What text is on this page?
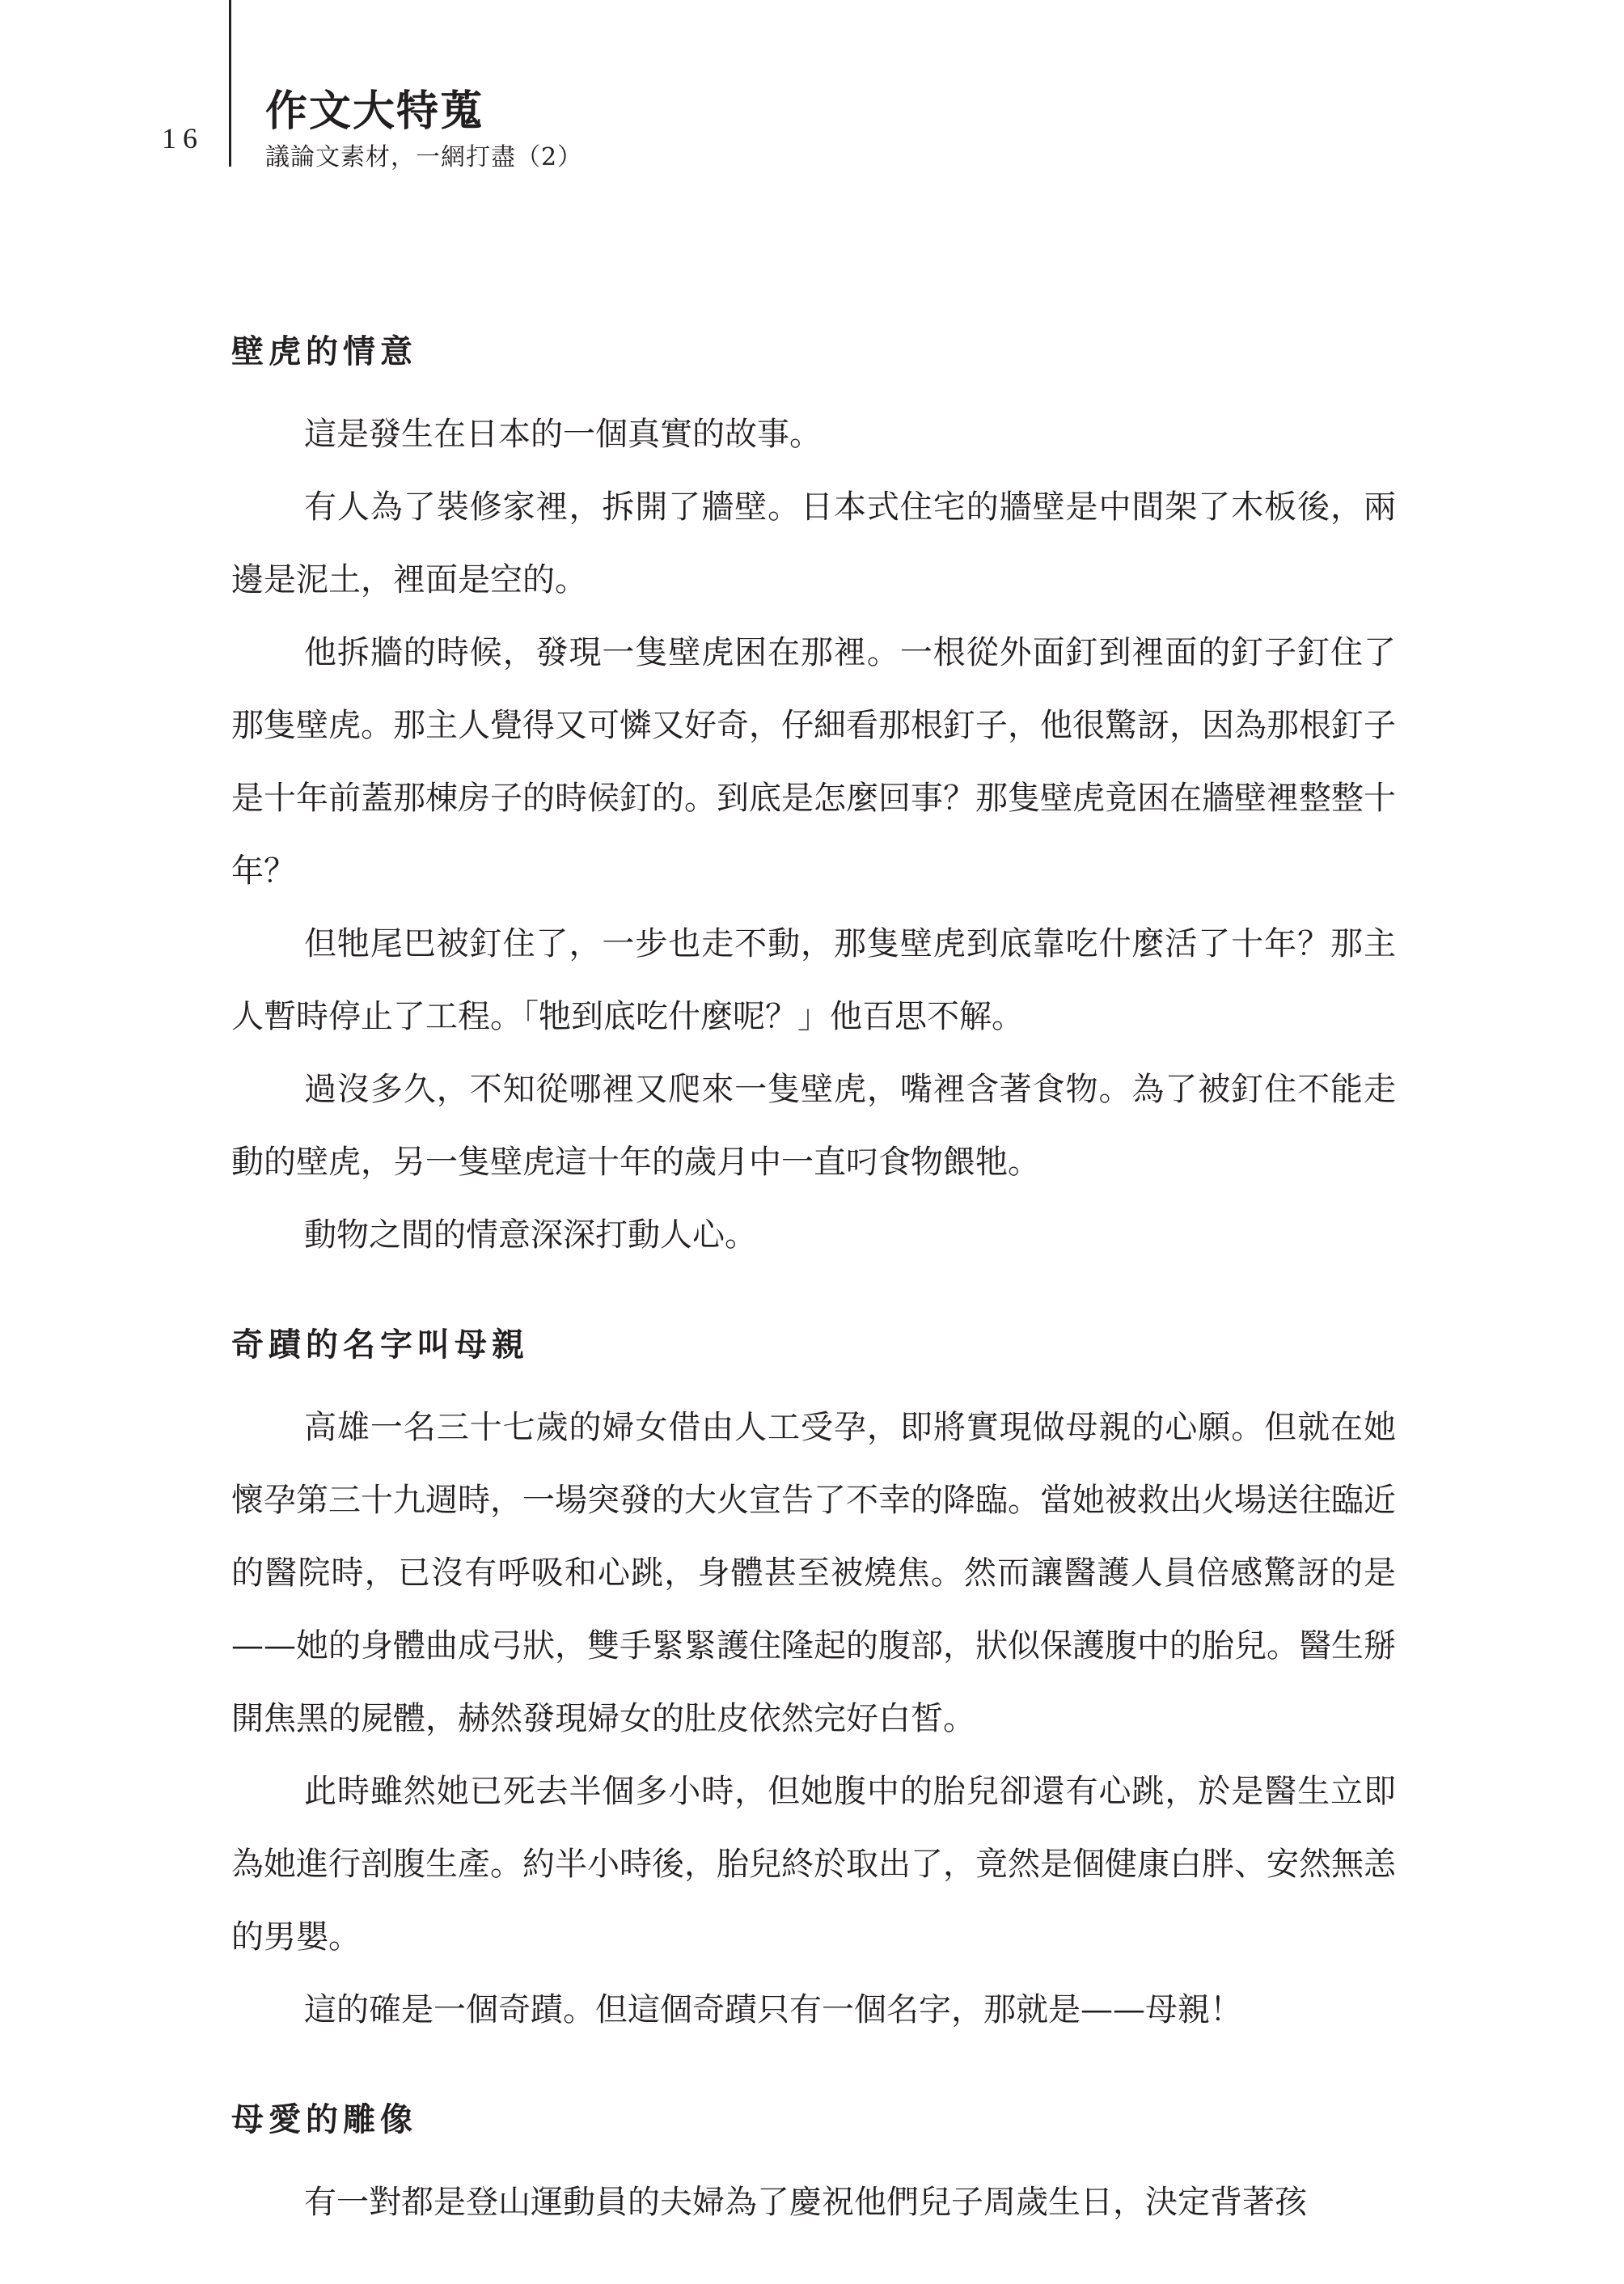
16
作文大特蒐
議論文素材，一網打盡（2）
壁虎的情意

這是發生在日本的一個真實的故事。

有人為了裝修家裡，拆開了牆壁。日本式住宅的牆壁是中間架了木板後，兩邊是泥土，裡面是空的。

他拆牆的時候，發現一隻壁虎困在那裡。一根從外面釘到裡面的釘子釘住了那隻壁虎。那主人覺得又可憐又好奇，仔細看那根釘子，他很驚訝，因為那根釘子是十年前蓋那棟房子的時候釘的。到底是怎麼回事？那隻壁虎竟困在牆壁裡整整十年？

但牠尾巴被釘住了，一步也走不動，那隻壁虎到底靠吃什麼活了十年？那主人暫時停止了工程。「牠到底吃什麼呢？」他百思不解。

過沒多久，不知從哪裡又爬來一隻壁虎，嘴裡含著食物。為了被釘住不能走動的壁虎，另一隻壁虎這十年的歲月中一直叼食物餵牠。

動物之間的情意深深打動人心。

奇蹟的名字叫母親

高雄一名三十七歲的婦女借由人工受孕，即將實現做母親的心願。但就在她懷孕第三十九週時，一場突發的大火宣告了不幸的降臨。當她被救出火場送往臨近的醫院時，已沒有呼吸和心跳，身體甚至被燒焦。然而讓醫護人員倍感驚訝的是——她的身體曲成弓狀，雙手緊緊護住隆起的腹部，狀似保護腹中的胎兒。醫生掰開焦黑的屍體，赫然發現婦女的肚皮依然完好白皙。

此時雖然她已死去半個多小時，但她腹中的胎兒卻還有心跳，於是醫生立即為她進行剖腹生產。約半小時後，胎兒終於取出了，竟然是個健康白胖、安然無恙的男嬰。

這的確是一個奇蹟。但這個奇蹟只有一個名字，那就是——母親！

母愛的雕像

有一對都是登山運動員的夫婦為了慶祝他們兒子周歲生日，決定背著孩
